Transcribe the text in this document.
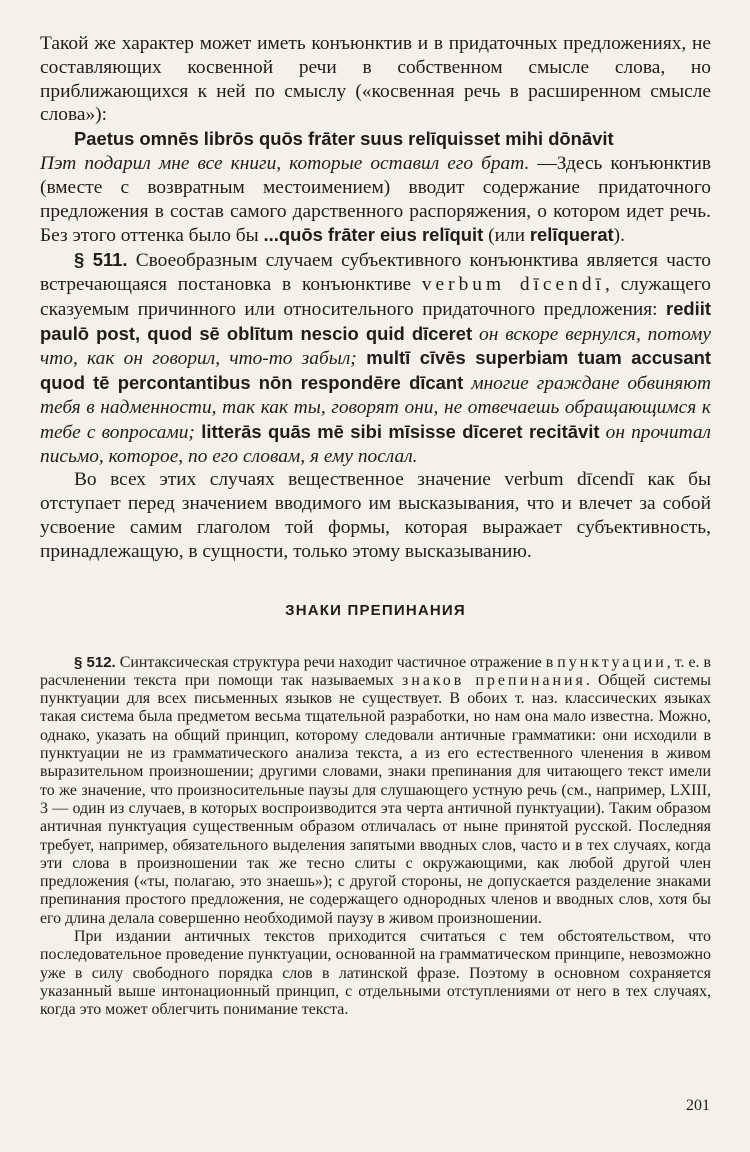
Такой же характер может иметь конъюнктив и в придаточных предложениях, не составляющих косвенной речи в собственном смысле слова, но приближающихся к ней по смыслу («косвенная речь в расширенном смысле слова»):

Paetus omnēs librōs quōs frāter suus relīquisset mihi dōnāvit
Пэт подарил мне все книги, которые оставил его брат. —Здесь конъюнктив (вместе с возвратным местоимением) вводит содержание придаточного предложения в состав самого дарственного распоряжения, о котором идет речь. Без этого оттенка было бы ...quōs frāter eius relīquit (или relīquerat).

§ 511. Своеобразным случаем субъективного конъюнктива является часто встречающаяся постановка в конъюнктиве verbum dīcendī, служащего сказуемым причинного или относительного придаточного предложения: rediit paulō post, quod sē oblītum nescio quid dīceret он вскоре вернулся, потому что, как он говорил, что-то забыл; multī cīvēs superbiam tuam accusant quod tē percontantibus nōn respondēre dīcant многие граждане обвиняют тебя в надменности, так как ты, говорят они, не отвечаешь обращающимся к тебе с вопросами; litterās quās mē sibi mīsisse dīceret recitāvit он прочитал письмо, которое, по его словам, я ему послал.

Во всех этих случаях вещественное значение verbum dīcendī как бы отступает перед значением вводимого им высказывания, что и влечет за собой усвоение самим глаголом той формы, которая выражает субъективность, принадлежащую, в сущности, только этому высказыванию.

ЗНАКИ ПРЕПИНАНИЯ

§ 512. Синтаксическая структура речи находит частичное отражение в пунктуации, т. е. в расчленении текста при помощи так называемых знаков препинания. Общей системы пунктуации для всех письменных языков не существует. В обоих т. наз. классических языках такая система была предметом весьма тщательной разработки, но нам она мало известна. Можно, однако, указать на общий принцип, которому следовали античные грамматики: они исходили в пунктуации не из грамматического анализа текста, а из его естественного членения в живом выразительном произношении; другими словами, знаки препинания для читающего текст имели то же значение, что произносительные паузы для слушающего устную речь (см., например, LXIII, 3 — один из случаев, в которых воспроизводится эта черта античной пунктуации). Таким образом античная пунктуация существенным образом отличалась от ныне принятой русской. Последняя требует, например, обязательного выделения запятыми вводных слов, часто и в тех случаях, когда эти слова в произношении так же тесно слиты с окружающими, как любой другой член предложения («ты, полагаю, это знаешь»); с другой стороны, не допускается разделение знаками препинания простого предложения, не содержащего однородных членов и вводных слов, хотя бы его длина делала совершенно необходимой паузу в живом произношении.

При издании античных текстов приходится считаться с тем обстоятельством, что последовательное проведение пунктуации, основанной на грамматическом принципе, невозможно уже в силу свободного порядка слов в латинской фразе. Поэтому в основном сохраняется указанный выше интонационный принцип, с отдельными отступлениями от него в тех случаях, когда это может облегчить понимание текста.

201
